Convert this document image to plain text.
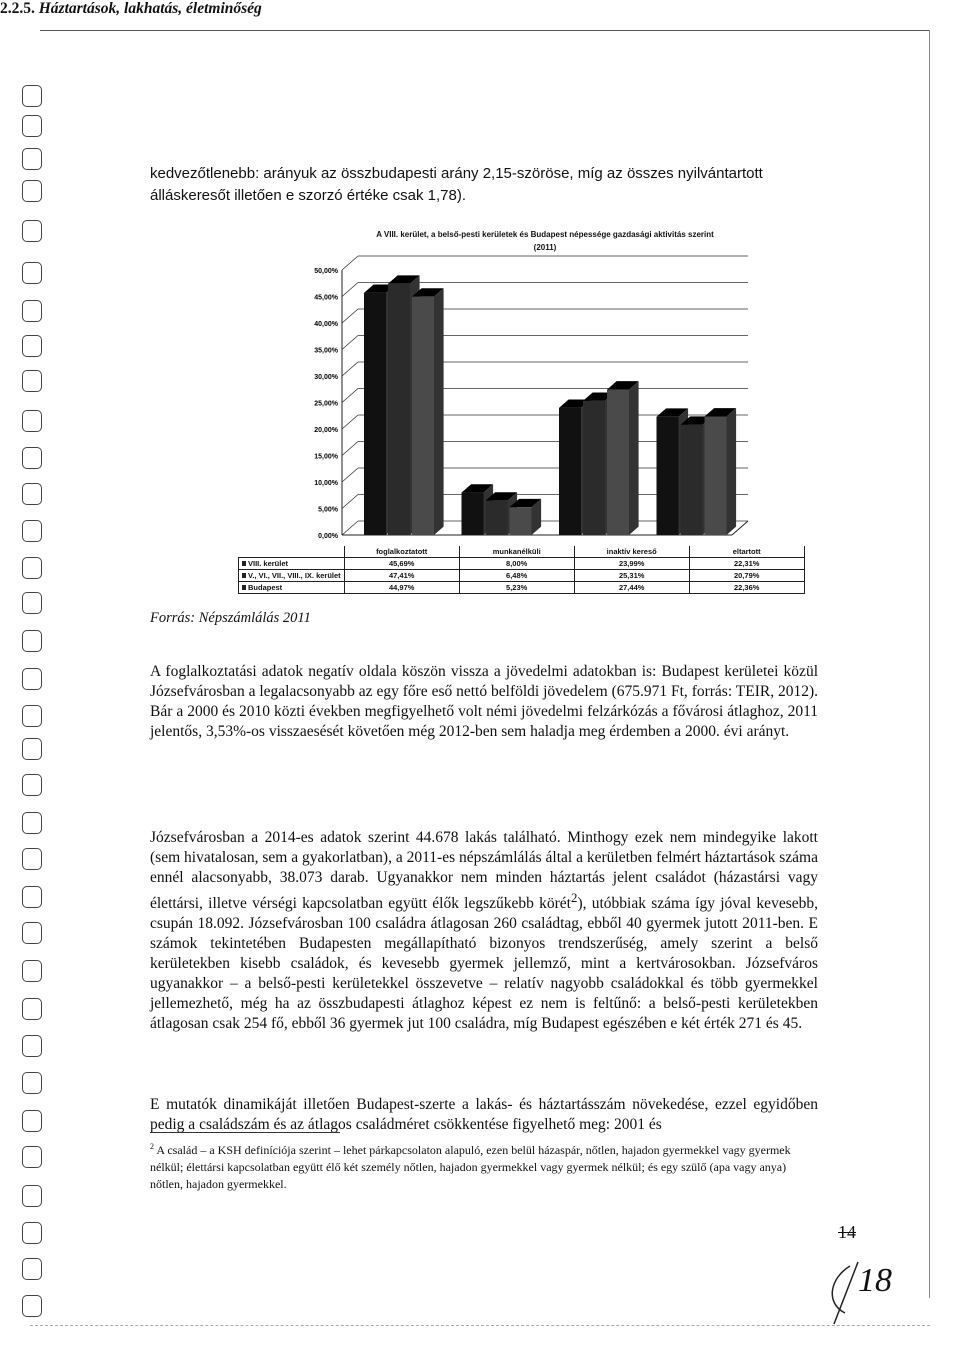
kedvezőtlenebb: arányuk az összbudapesti arány 2,15-szöröse, míg az összes nyilvántartott
álláskeresőt illetően e szorzó értéke csak 1,78).
A VIII. kerület, a belső-pesti kerületek és Budapest népessége gazdasági aktivitás szerint
(2011)
0,00%
5,00%
10,00%
15,00%
20,00%
25,00%
30,00%
35,00%
40,00%
45,00%
50,00%
	foglalkoztatott	munkanélküli	inaktív kereső	eltartott
VIII. kerület	45,69%	8,00%	23,99%	22,31%
V., VI., VII., VIII., IX. kerület	47,41%	6,48%	25,31%	20,79%
Budapest	44,97%	5,23%	27,44%	22,36%
Forrás: Népszámlálás 2011
A foglalkoztatási adatok negatív oldala köszön vissza a jövedelmi adatokban is: Budapest kerületei közül Józsefvárosban a legalacsonyabb az egy főre eső nettó belföldi jövedelem (675.971 Ft, forrás: TEIR, 2012). Bár a 2000 és 2010 közti években megfigyelhető volt némi jövedelmi felzárkózás a fővárosi átlaghoz, 2011 jelentős, 3,53%-os visszaesését követően még 2012-ben sem haladja meg érdemben a 2000. évi arányt.
2.2.5. Háztartások, lakhatás, életminőség
Józsefvárosban a 2014-es adatok szerint 44.678 lakás található. Minthogy ezek nem mindegyike lakott (sem hivatalosan, sem a gyakorlatban), a 2011-es népszámlálás által a kerületben felmért háztartások száma ennél alacsonyabb, 38.073 darab. Ugyanakkor nem minden háztartás jelent családot (házastársi vagy élettársi, illetve vérségi kapcsolatban együtt élők legszűkebb körét$^2$), utóbbiak száma így jóval kevesebb, csupán 18.092. Józsefvárosban 100 családra átlagosan 260 családtag, ebből 40 gyermek jutott 2011-ben. E számok tekintetében Budapesten megállapítható bizonyos trendszerűség, amely szerint a belső kerületekben kisebb családok, és kevesebb gyermek jellemző, mint a kertvárosokban. Józsefváros ugyanakkor – a belső-pesti kerületekkel összevetve – relatív nagyobb családokkal és több gyermekkel jellemezhető, még ha az összbudapesti átlaghoz képest ez nem is feltűnő: a belső-pesti kerületekben átlagosan csak 254 fő, ebből 36 gyermek jut 100 családra, míg Budapest egészében e két érték 271 és 45.
E mutatók dinamikáját illetően Budapest-szerte a lakás- és háztartásszám növekedése, ezzel egyidőben pedig a családszám és az átlagos családméret csökkentése figyelhető meg: 2001 és
$^2$ A család – a KSH definíciója szerint – lehet párkapcsolaton alapuló, ezen belül házaspár, nőtlen, hajadon gyermekkel vagy gyermek nélkül; élettársi kapcsolatban együtt élő két személy nőtlen, hajadon gyermekkel vagy gyermek nélkül; és egy szülő (apa vagy anya) nőtlen, hajadon gyermekkel.
14
18
